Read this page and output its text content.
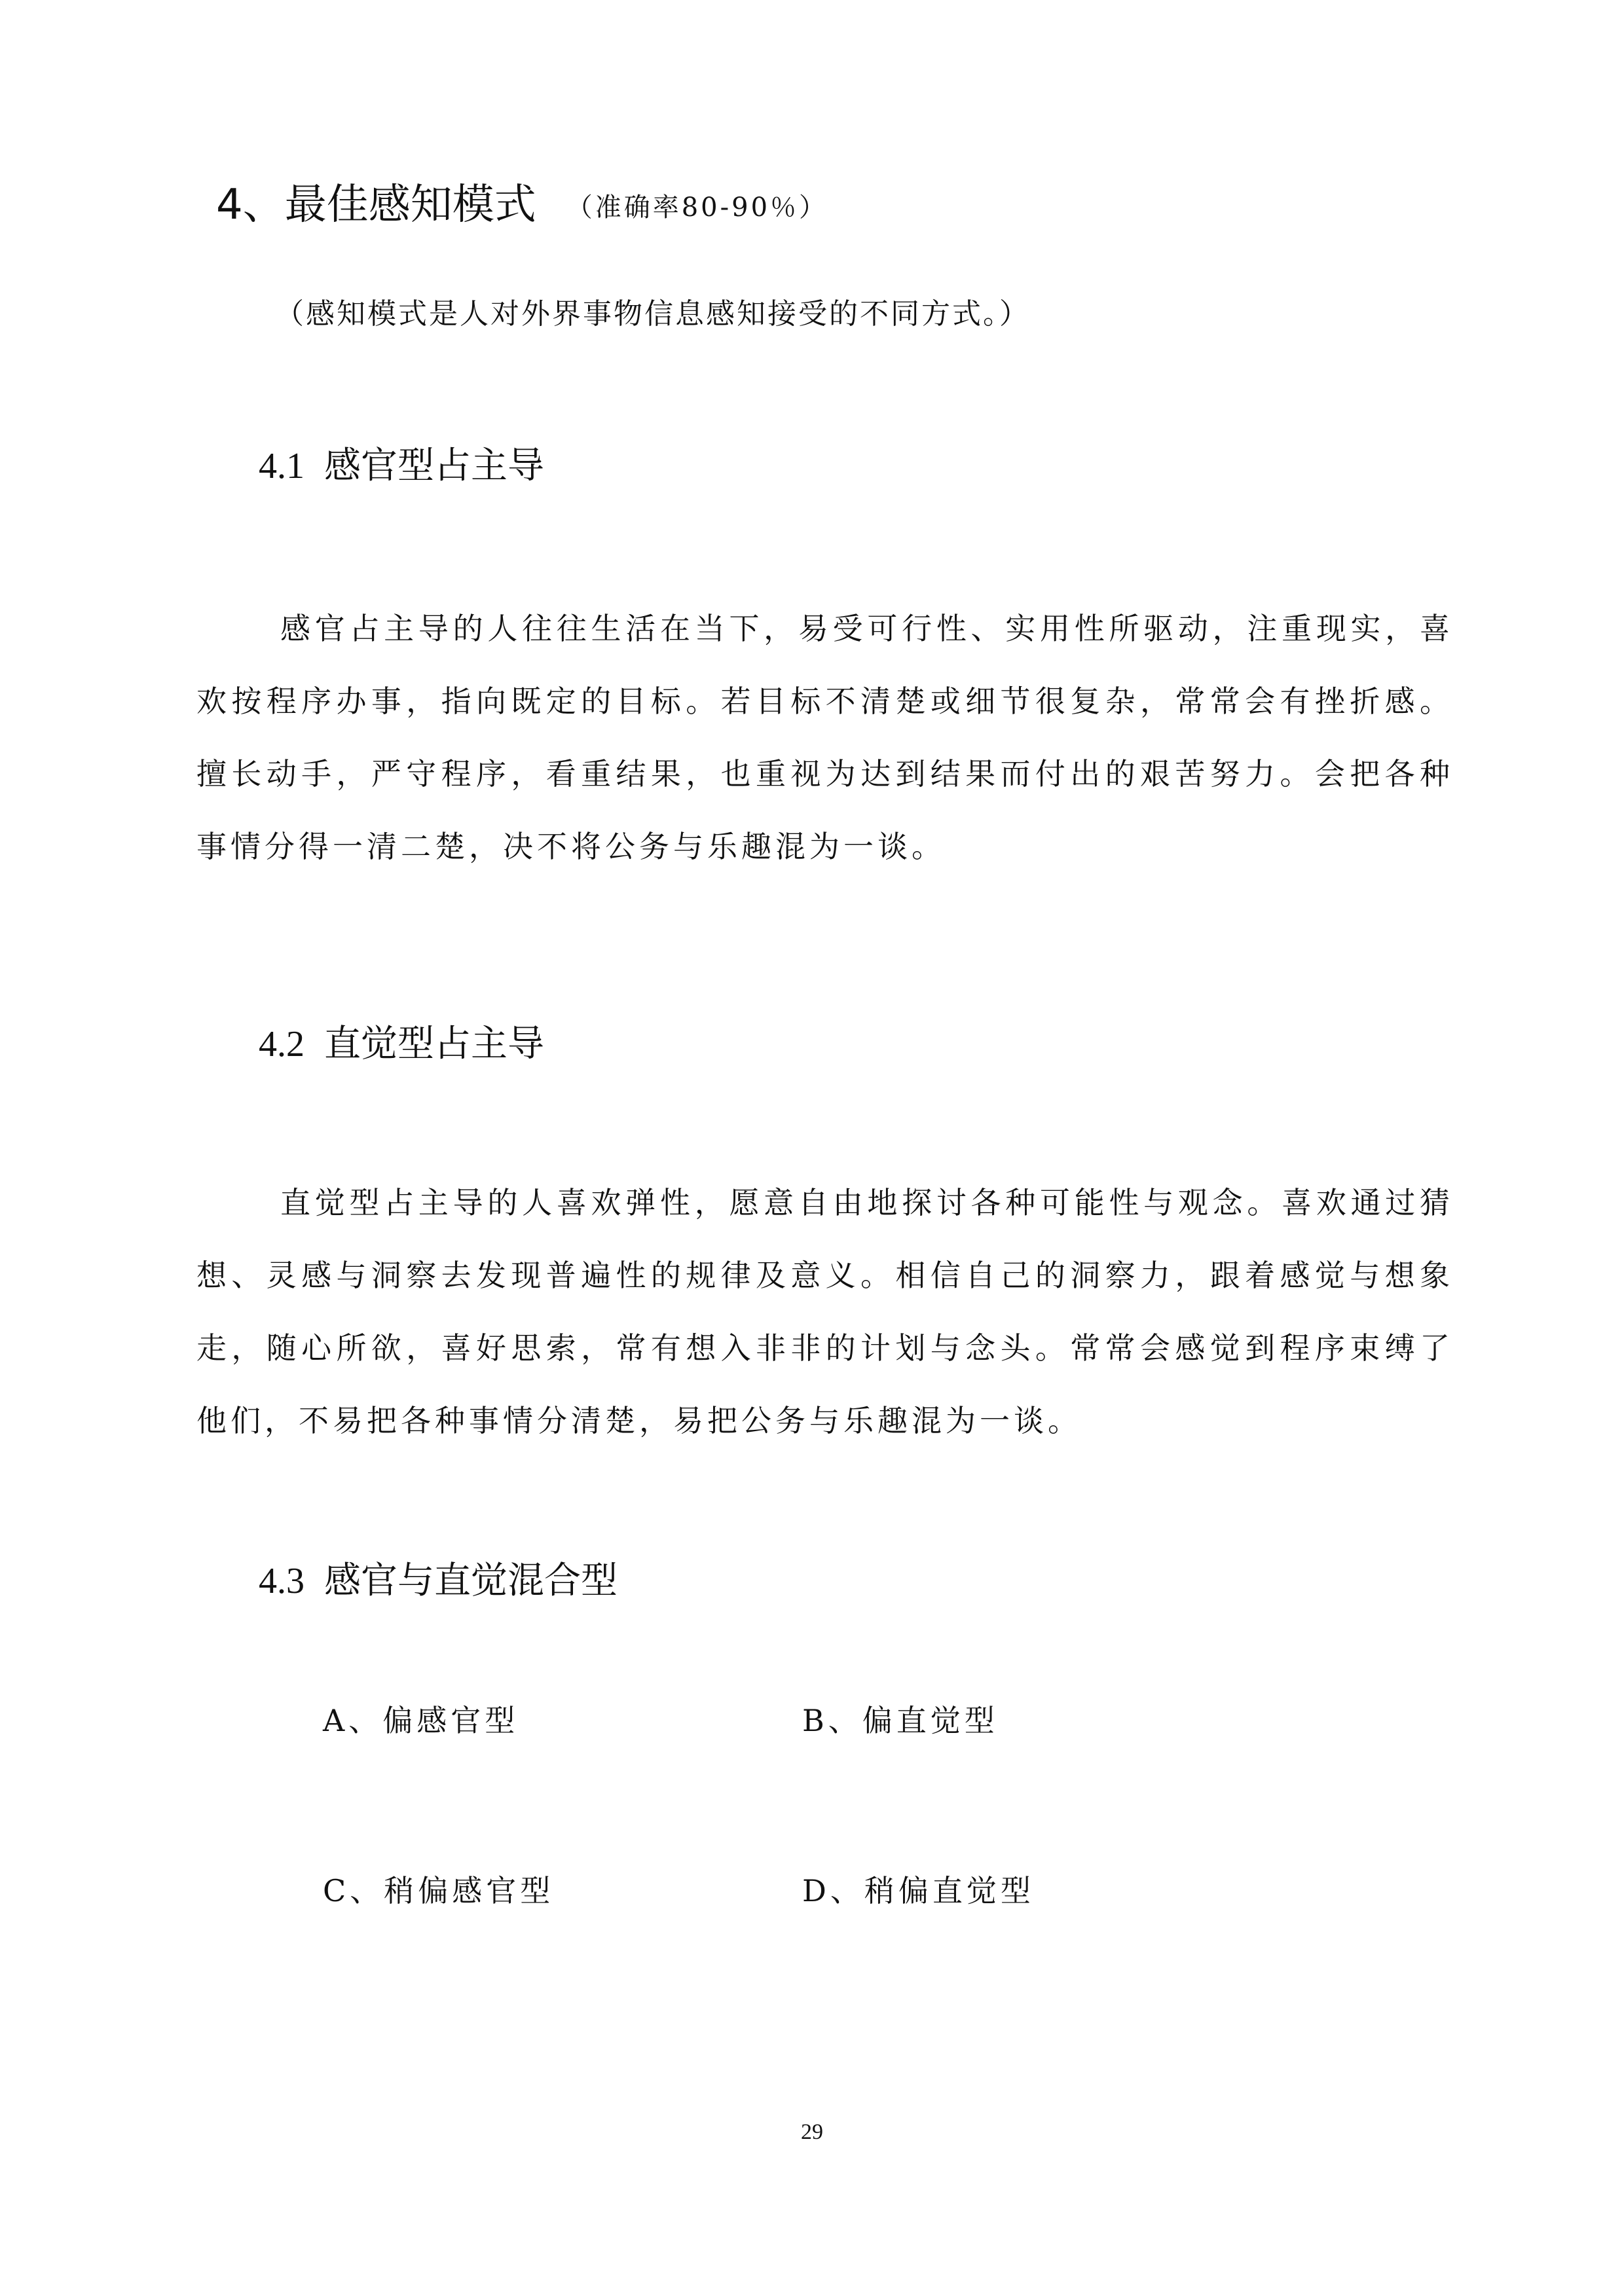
4、最佳感知模式 （准确率80-90％）
（感知模式是人对外界事物信息感知接受的不同方式。）
4.1 感官型占主导

感官占主导的人往往生活在当下，易受可行性、实用性所驱动，注重现实，喜欢按程序办事，指向既定的目标。若目标不清楚或细节很复杂，常常会有挫折感。擅长动手，严守程序，看重结果，也重视为达到结果而付出的艰苦努力。会把各种事情分得一清二楚，决不将公务与乐趣混为一谈。

4.2 直觉型占主导

直觉型占主导的人喜欢弹性，愿意自由地探讨各种可能性与观念。喜欢通过猜想、灵感与洞察去发现普遍性的规律及意义。相信自己的洞察力，跟着感觉与想象走，随心所欲，喜好思索，常有想入非非的计划与念头。常常会感觉到程序束缚了他们，不易把各种事情分清楚，易把公务与乐趣混为一谈。

4.3 感官与直觉混合型
A、偏感官型	B、偏直觉型
C、稍偏感官型	D、稍偏直觉型
29
